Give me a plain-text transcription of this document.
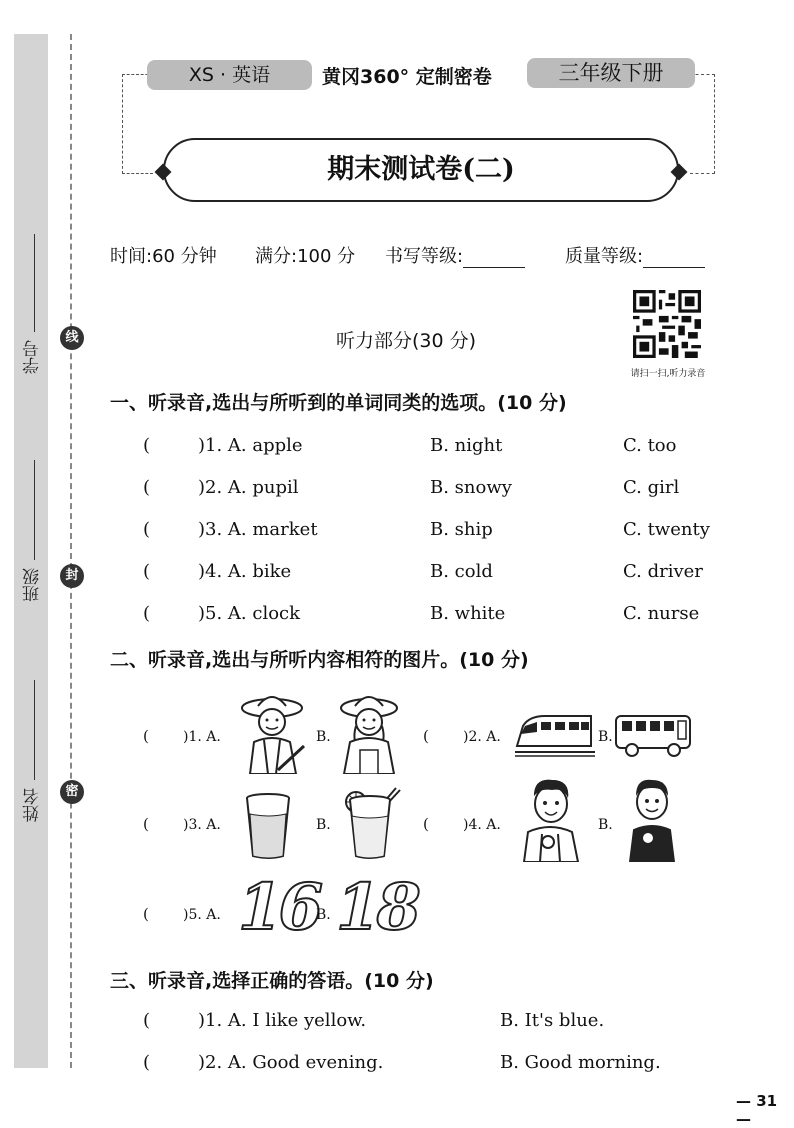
线
封
密
学号
班级
姓名
XS · 英语	黄冈360° 定制密卷	三年级下册
期末测试卷(二)
时间:60 分钟 满分:100 分 书写等级:	质量等级:
听力部分(30 分)
请扫一扫,听力录音
一、听录音,选出与所听到的单词同类的选项。(10 分)
(	)1. A. apple	B. night	C. too
(	)2. A. pupil	B. snowy	C. girl
(	)3. A. market	B. ship	C. twenty
(	)4. A. bike	B. cold	C. driver
(	)5. A. clock	B. white	C. nurse
二、听录音,选出与所听内容相符的图片。(10 分)
( )1. A.	B.	( )2. A.	B.
( )3. A.	B.	( )4. A.	B.
( )5. A. 16
B. 18
三、听录音,选择正确的答语。(10 分)
(	)1. A. I like yellow.	B. It's blue.
(	)2. A. Good evening.	B. Good morning.
— 31 —
